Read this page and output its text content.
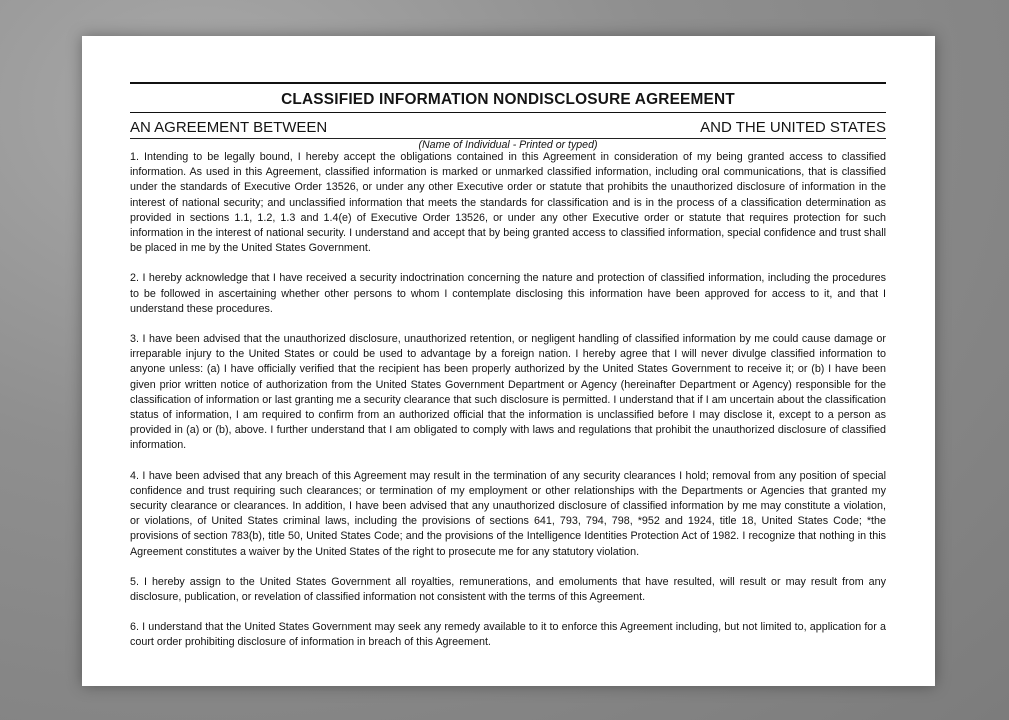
CLASSIFIED INFORMATION NONDISCLOSURE AGREEMENT
AN AGREEMENT BETWEEN	AND THE UNITED STATES
(Name of Individual - Printed or typed)

1. Intending to be legally bound, I hereby accept the obligations contained in this Agreement in consideration of my being granted access to classified information. As used in this Agreement, classified information is marked or unmarked classified information, including oral communications, that is classified under the standards of Executive Order 13526, or under any other Executive order or statute that prohibits the unauthorized disclosure of information in the interest of national security; and unclassified information that meets the standards for classification and is in the process of a classification determination as provided in sections 1.1, 1.2, 1.3 and 1.4(e) of Executive Order 13526, or under any other Executive order or statute that requires protection for such information in the interest of national security. I understand and accept that by being granted access to classified information, special confidence and trust shall be placed in me by the United States Government.

2. I hereby acknowledge that I have received a security indoctrination concerning the nature and protection of classified information, including the procedures to be followed in ascertaining whether other persons to whom I contemplate disclosing this information have been approved for access to it, and that I understand these procedures.

3. I have been advised that the unauthorized disclosure, unauthorized retention, or negligent handling of classified information by me could cause damage or irreparable injury to the United States or could be used to advantage by a foreign nation. I hereby agree that I will never divulge classified information to anyone unless: (a) I have officially verified that the recipient has been properly authorized by the United States Government to receive it; or (b) I have been given prior written notice of authorization from the United States Government Department or Agency (hereinafter Department or Agency) responsible for the classification of information or last granting me a security clearance that such disclosure is permitted. I understand that if I am uncertain about the classification status of information, I am required to confirm from an authorized official that the information is unclassified before I may disclose it, except to a person as provided in (a) or (b), above. I further understand that I am obligated to comply with laws and regulations that prohibit the unauthorized disclosure of classified information.

4. I have been advised that any breach of this Agreement may result in the termination of any security clearances I hold; removal from any position of special confidence and trust requiring such clearances; or termination of my employment or other relationships with the Departments or Agencies that granted my security clearance or clearances. In addition, I have been advised that any unauthorized disclosure of classified information by me may constitute a violation, or violations, of United States criminal laws, including the provisions of sections 641, 793, 794, 798, *952 and 1924, title 18, United States Code; *the provisions of section 783(b), title 50, United States Code; and the provisions of the Intelligence Identities Protection Act of 1982. I recognize that nothing in this Agreement constitutes a waiver by the United States of the right to prosecute me for any statutory violation.

5. I hereby assign to the United States Government all royalties, remunerations, and emoluments that have resulted, will result or may result from any disclosure, publication, or revelation of classified information not consistent with the terms of this Agreement.

6. I understand that the United States Government may seek any remedy available to it to enforce this Agreement including, but not limited to, application for a court order prohibiting disclosure of information in breach of this Agreement.
